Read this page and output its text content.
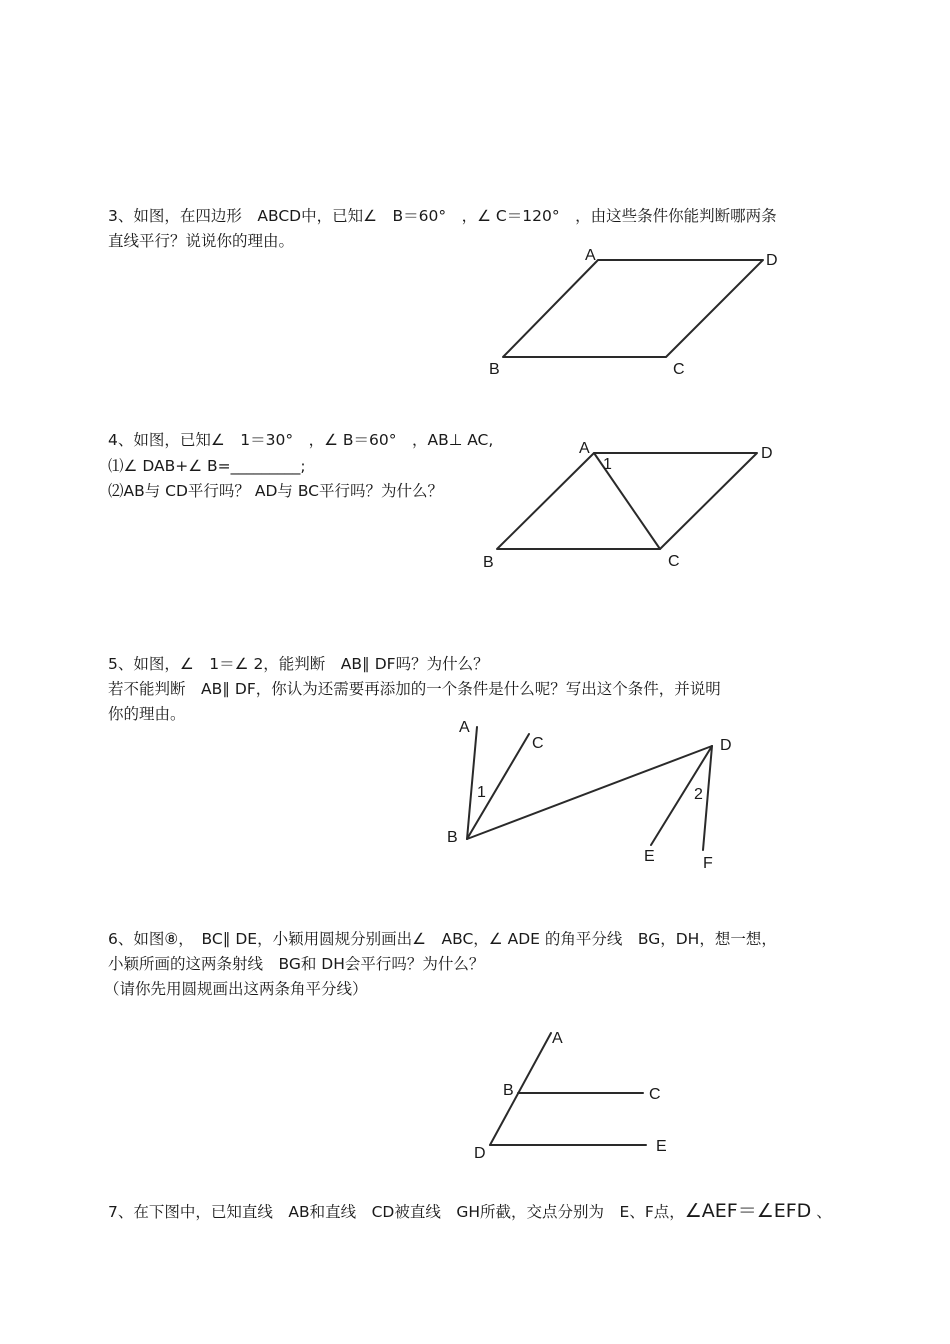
3、如图，在四边形　ABCD中，已知∠　B＝60°　，∠ C＝120°　，由这些条件你能判断哪两条
直线平行？说说你的理由。
A	D
B	C
4、如图，已知∠　1＝30°　，∠ B＝60°　，AB⊥ AC,
⑴∠ DAB+∠ B=_________;
⑵AB与 CD平行吗？ AD与 BC平行吗？为什么？
A
1
D
B	C
5、如图，∠　1＝∠ 2，能判断　AB∥ DF吗？为什么？
若不能判断　AB∥ DF，你认为还需要再添加的一个条件是什么呢？写出这个条件，并说明
你的理由。
A
C
1
B
D
2
E	F
6、如图⑧，　BC∥ DE，小颖用圆规分别画出∠　ABC，∠ ADE 的角平分线　BG，DH，想一想，
小颖所画的这两条射线　BG和 DH会平行吗？为什么？
（请你先用圆规画出这两条角平分线）
A
B	C
D	E
7、在下图中，已知直线　AB和直线　CD被直线　GH所截，交点分别为　E、F点，∠AEF＝∠EFD 、
